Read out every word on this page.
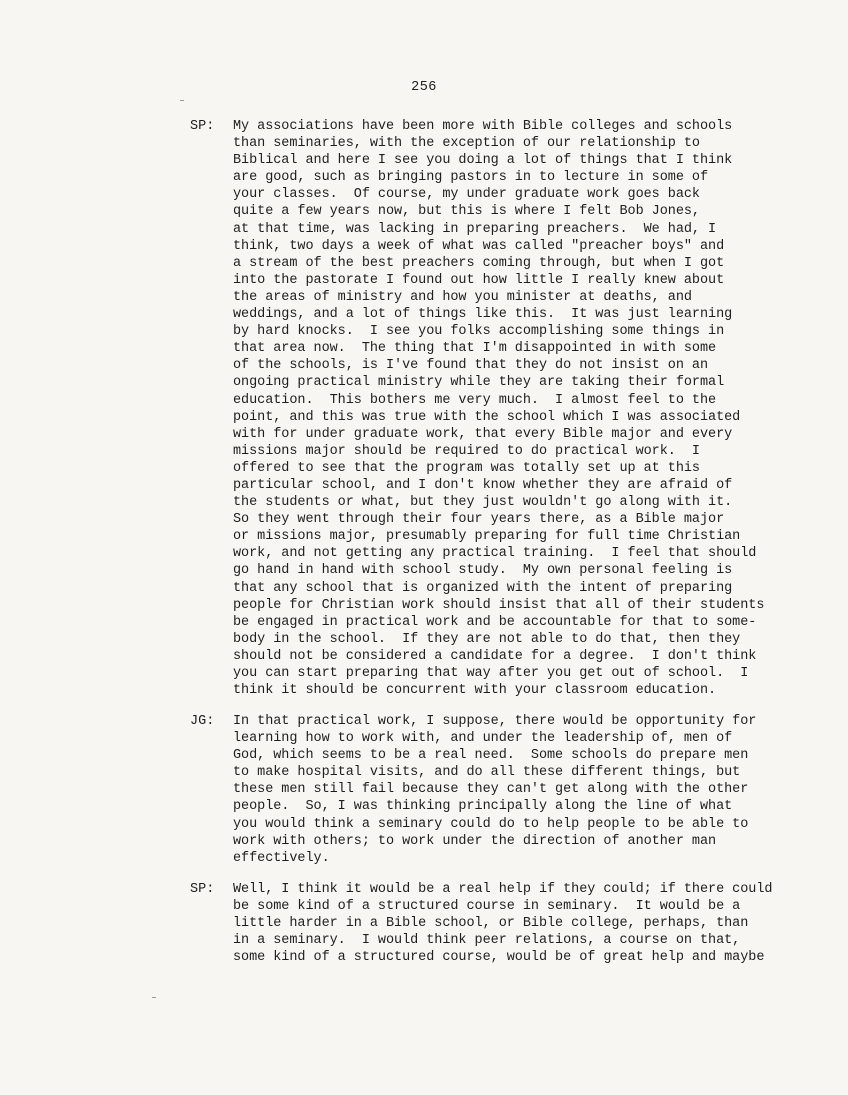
256
SP:	My associations have been more with Bible colleges and schools
than seminaries, with the exception of our relationship to
Biblical and here I see you doing a lot of things that I think
are good, such as bringing pastors in to lecture in some of
your classes.  Of course, my under graduate work goes back
quite a few years now, but this is where I felt Bob Jones,
at that time, was lacking in preparing preachers.  We had, I
think, two days a week of what was called "preacher boys" and
a stream of the best preachers coming through, but when I got
into the pastorate I found out how little I really knew about
the areas of ministry and how you minister at deaths, and
weddings, and a lot of things like this.  It was just learning
by hard knocks.  I see you folks accomplishing some things in
that area now.  The thing that I'm disappointed in with some
of the schools, is I've found that they do not insist on an
ongoing practical ministry while they are taking their formal
education.  This bothers me very much.  I almost feel to the
point, and this was true with the school which I was associated
with for under graduate work, that every Bible major and every
missions major should be required to do practical work.  I
offered to see that the program was totally set up at this
particular school, and I don't know whether they are afraid of
the students or what, but they just wouldn't go along with it.
So they went through their four years there, as a Bible major
or missions major, presumably preparing for full time Christian
work, and not getting any practical training.  I feel that should
go hand in hand with school study.  My own personal feeling is
that any school that is organized with the intent of preparing
people for Christian work should insist that all of their students
be engaged in practical work and be accountable for that to some-
body in the school.  If they are not able to do that, then they
should not be considered a candidate for a degree.  I don't think
you can start preparing that way after you get out of school.  I
think it should be concurrent with your classroom education.
JG:	In that practical work, I suppose, there would be opportunity for
learning how to work with, and under the leadership of, men of
God, which seems to be a real need.  Some schools do prepare men
to make hospital visits, and do all these different things, but
these men still fail because they can't get along with the other
people.  So, I was thinking principally along the line of what
you would think a seminary could do to help people to be able to
work with others; to work under the direction of another man
effectively.
SP:	Well, I think it would be a real help if they could; if there could
be some kind of a structured course in seminary.  It would be a
little harder in a Bible school, or Bible college, perhaps, than
in a seminary.  I would think peer relations, a course on that,
some kind of a structured course, would be of great help and maybe
